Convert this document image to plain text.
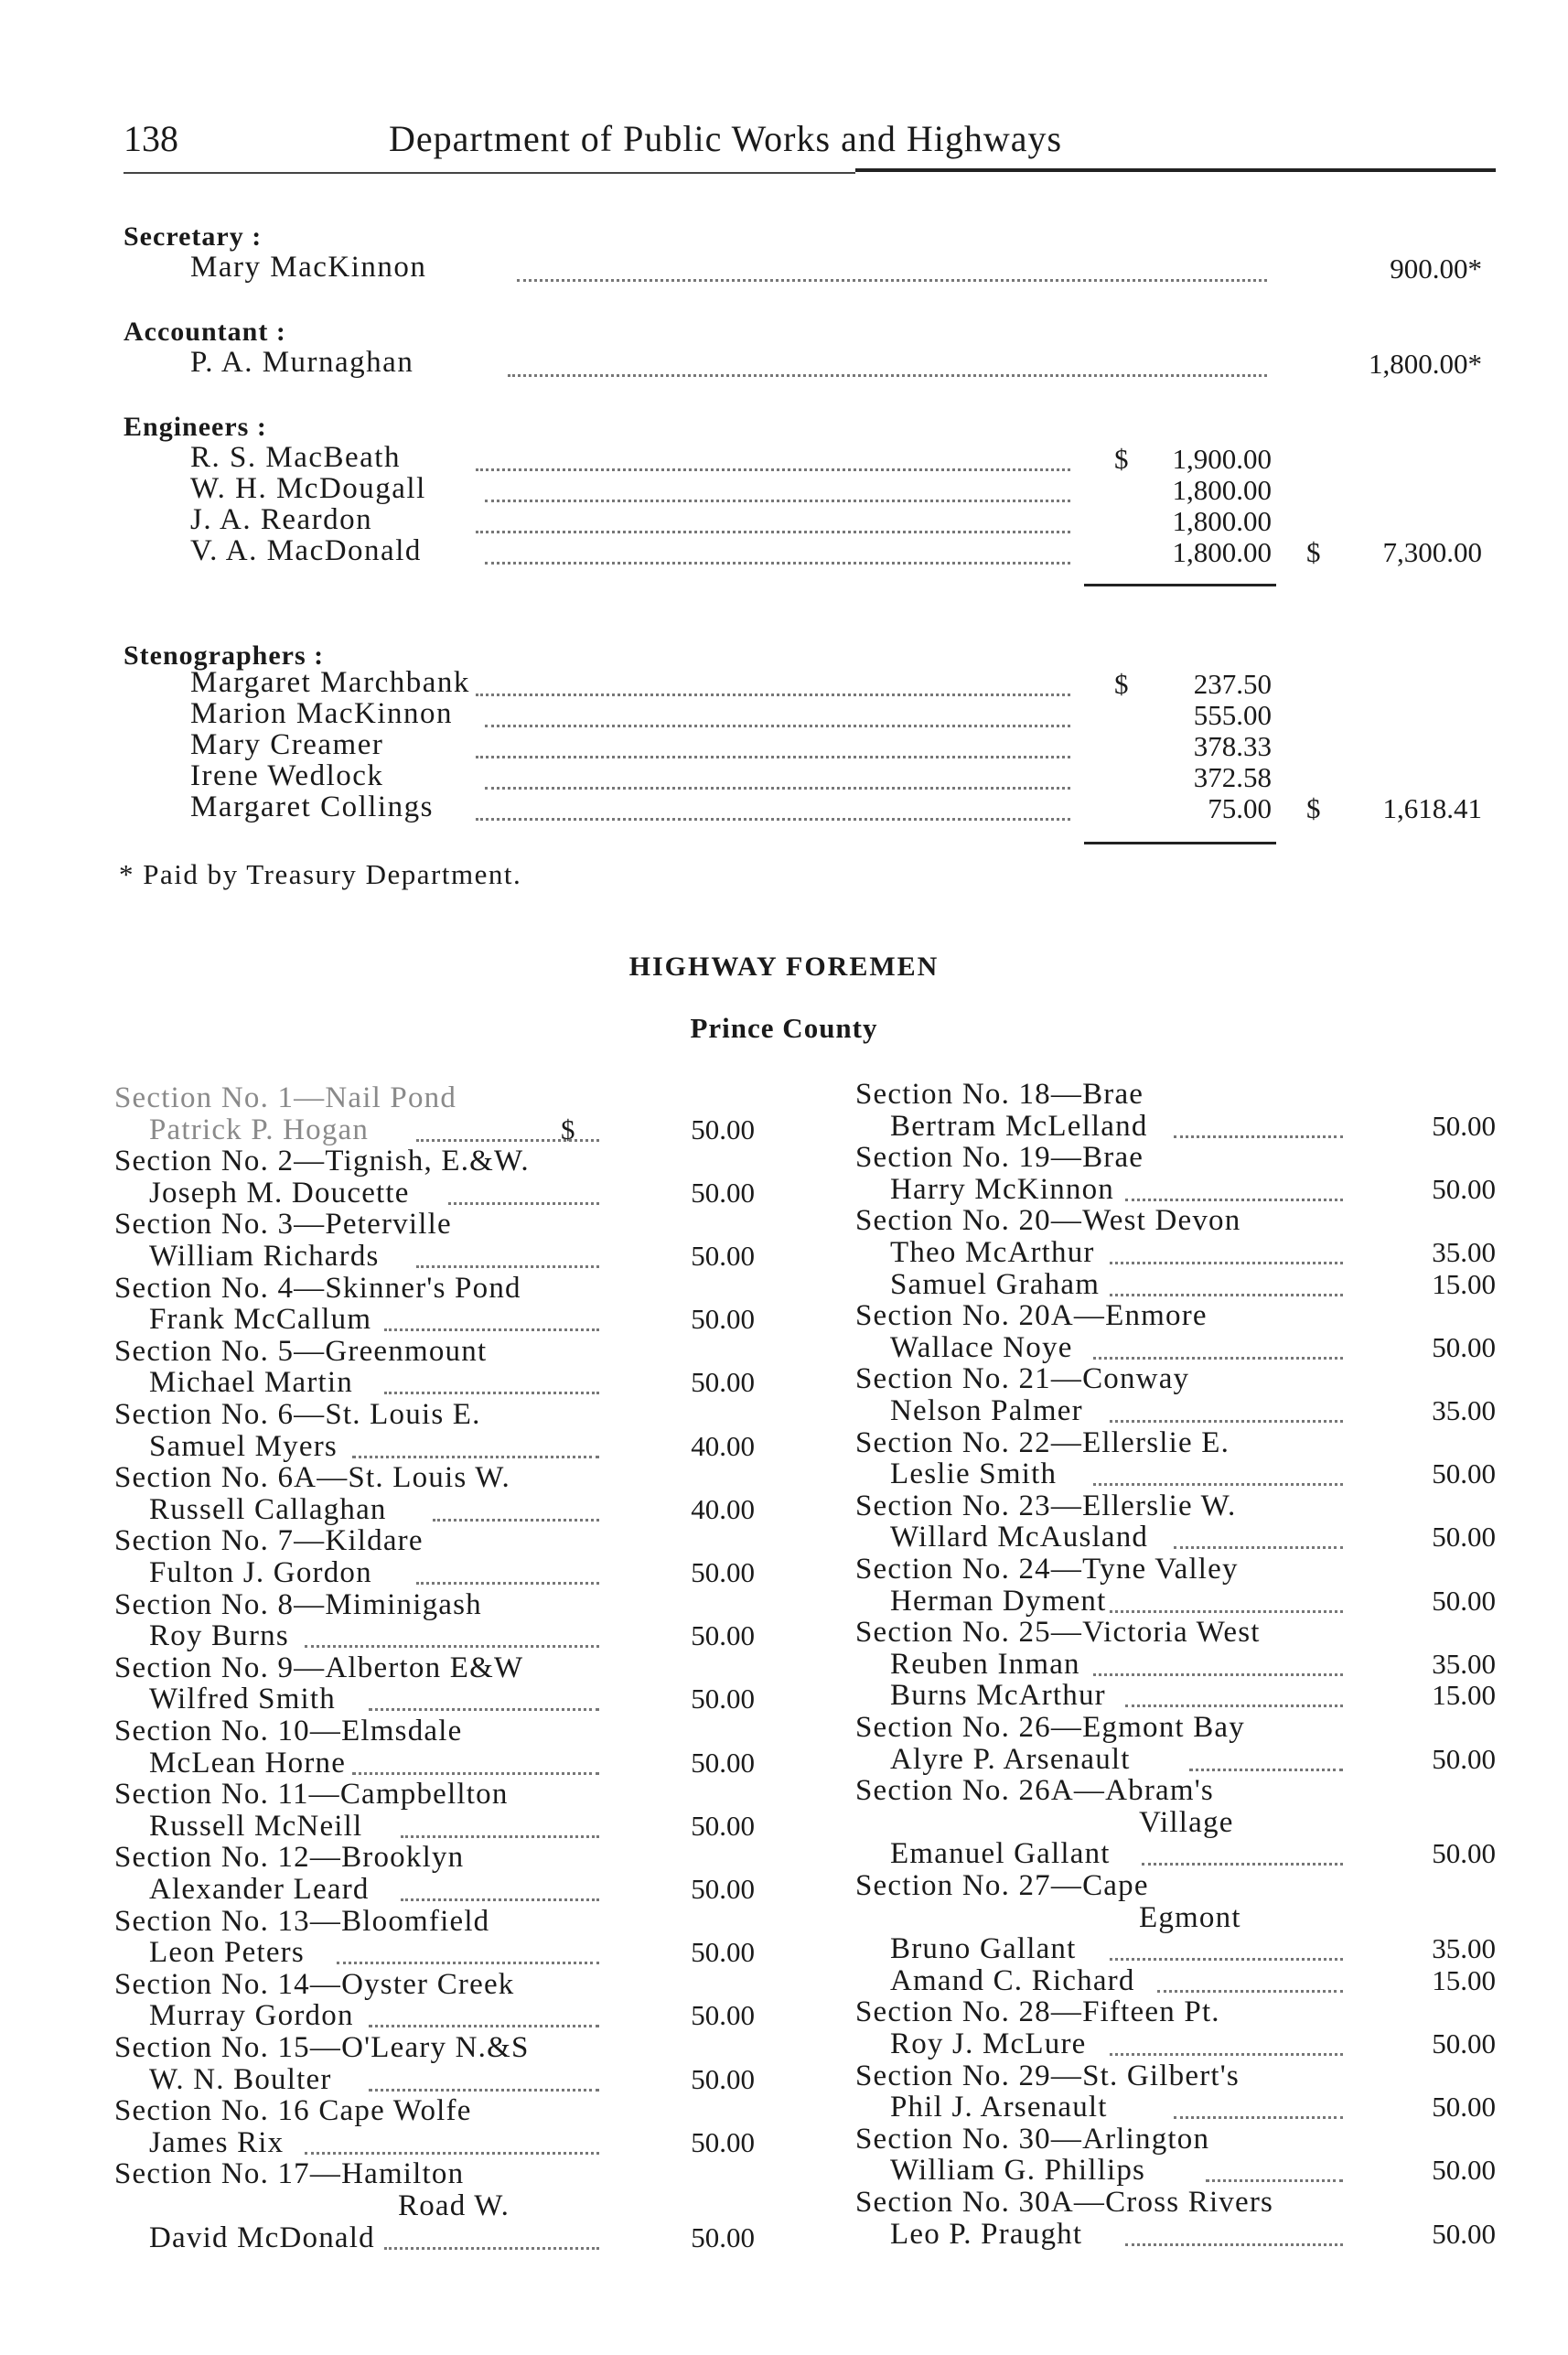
138	Department of Public Works and Highways
Secretary :
Mary MacKinnon	900.00*
Accountant :
P. A. Murnaghan	1,800.00*
Engineers :
R. S. MacBeath	$	1,900.00
W. H. McDougall	1,800.00
J. A. Reardon	1,800.00
V. A. MacDonald	1,800.00 $	7,300.00
Stenographers :
Margaret Marchbank	$	237.50
Marion MacKinnon	555.00
Mary Creamer	378.33
Irene Wedlock	372.58
Margaret Collings	75.00 $	1,618.41
* Paid by Treasury Department.
HIGHWAY FOREMEN
Prince County
Section No. 1—Nail Pond
Patrick P. Hogan	$	50.00
Section No. 2—Tignish, E.&W.
Joseph M. Doucette	50.00
Section No. 3—Peterville
William Richards	50.00
Section No. 4—Skinner's Pond
Frank McCallum	50.00
Section No. 5—Greenmount
Michael Martin	50.00
Section No. 6—St. Louis E.
Samuel Myers	40.00
Section No. 6A—St. Louis W.
Russell Callaghan	40.00
Section No. 7—Kildare
Fulton J. Gordon	50.00
Section No. 8—Miminigash
Roy Burns	50.00
Section No. 9—Alberton E&W
Wilfred Smith	50.00
Section No. 10—Elmsdale
McLean Horne	50.00
Section No. 11—Campbellton
Russell McNeill	50.00
Section No. 12—Brooklyn
Alexander Leard	50.00
Section No. 13—Bloomfield
Leon Peters	50.00
Section No. 14—Oyster Creek
Murray Gordon	50.00
Section No. 15—O'Leary N.&S
W. N. Boulter	50.00
Section No. 16 Cape Wolfe
James Rix	50.00
Section No. 17—Hamilton
Road W.
David McDonald	50.00
Section No. 18—Brae
Bertram McLelland	50.00
Section No. 19—Brae
Harry McKinnon	50.00
Section No. 20—West Devon
Theo McArthur	35.00
Samuel Graham	15.00
Section No. 20A—Enmore
Wallace Noye	50.00
Section No. 21—Conway
Nelson Palmer	35.00
Section No. 22—Ellerslie E.
Leslie Smith	50.00
Section No. 23—Ellerslie W.
Willard McAusland	50.00
Section No. 24—Tyne Valley
Herman Dyment	50.00
Section No. 25—Victoria West
Reuben Inman	35.00
Burns McArthur	15.00
Section No. 26—Egmont Bay
Alyre P. Arsenault	50.00
Section No. 26A—Abram's
Village
Emanuel Gallant	50.00
Section No. 27—Cape
Egmont
Bruno Gallant	35.00
Amand C. Richard	15.00
Section No. 28—Fifteen Pt.
Roy J. McLure	50.00
Section No. 29—St. Gilbert's
Phil J. Arsenault	50.00
Section No. 30—Arlington
William G. Phillips	50.00
Section No. 30A—Cross Rivers
Leo P. Praught	50.00
